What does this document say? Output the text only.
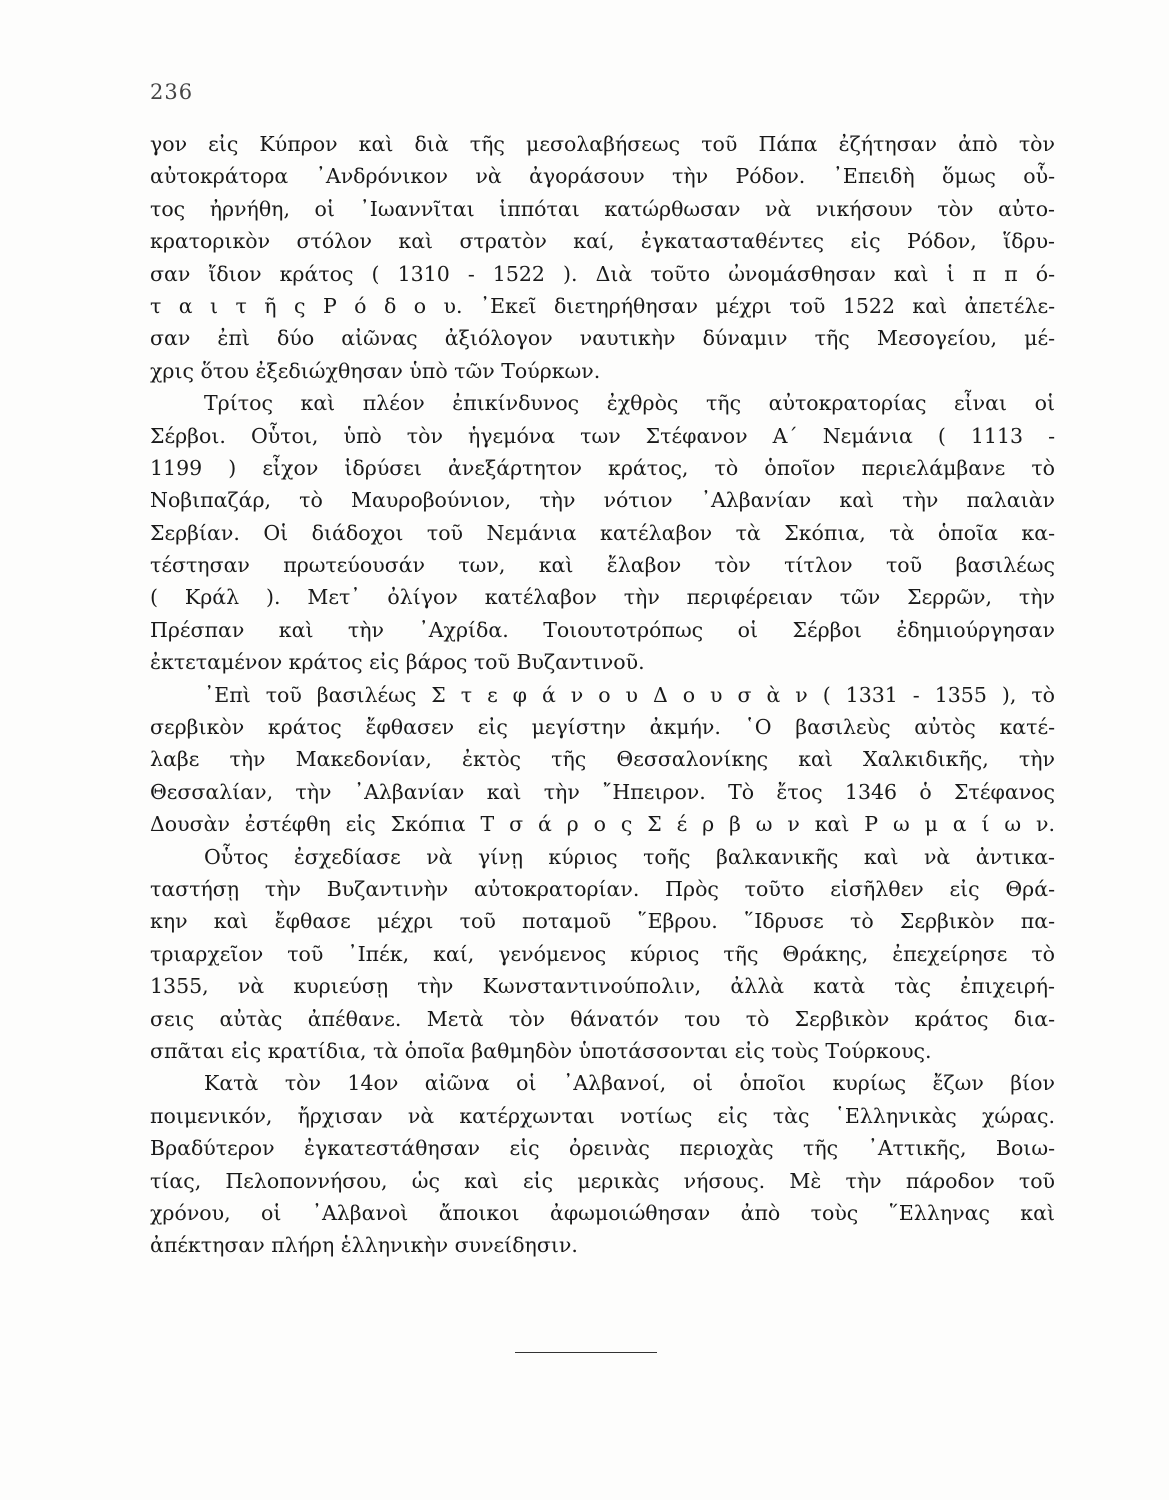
236
γον εἰς Κύπρον καὶ διὰ τῆς μεσολαβήσεως τοῦ Πάπα ἐζήτησαν ἀπὸ τὸν
αὐτοκράτορα ᾽Ανδρόνικον νὰ ἀγοράσουν τὴν Ρόδον. ᾽Επειδὴ ὅμως οὗ-
τος ἠρνήθη, οἱ ᾽Ιωαννῖται ἱππόται κατώρθωσαν νὰ νικήσουν τὸν αὐτο-
κρατορικὸν στόλον καὶ στρατὸν καί, ἐγκατασταθέντες εἰς Ρόδον, ἵδρυ-
σαν ἴδιον κράτος ( 1310 - 1522 ). Διὰ τοῦτο ὠνομάσθησαν καὶ ἱ π π ό-
τ α ι τ ῆ ς Ρ ό δ ο υ. ᾽Εκεῖ διετηρήθησαν μέχρι τοῦ 1522 καὶ ἀπετέλε-
σαν ἐπὶ δύο αἰῶνας ἀξιόλογον ναυτικὴν δύναμιν τῆς Μεσογείου, μέ-
χρις ὅτου ἐξεδιώχθησαν ὑπὸ τῶν Τούρκων.
Τρίτος καὶ πλέον ἐπικίνδυνος ἐχθρὸς τῆς αὐτοκρατορίας εἶναι οἱ
Σέρβοι. Οὗτοι, ὑπὸ τὸν ἡγεμόνα των Στέφανον Α΄ Νεμάνια ( 1113 -
1199 ) εἶχον ἱδρύσει ἀνεξάρτητον κράτος, τὸ ὁποῖον περιελάμβανε τὸ
Νοβιπαζάρ, τὸ Μαυροβούνιον, τὴν νότιον ᾽Αλβανίαν καὶ τὴν παλαιὰν
Σερβίαν. Οἱ διάδοχοι τοῦ Νεμάνια κατέλαβον τὰ Σκόπια, τὰ ὁποῖα κα-
τέστησαν πρωτεύουσάν των, καὶ ἔλαβον τὸν τίτλον τοῦ βασιλέως
( Κράλ ). Μετ᾽ ὀλίγον κατέλαβον τὴν περιφέρειαν τῶν Σερρῶν, τὴν
Πρέσπαν καὶ τὴν ᾽Αχρίδα. Τοιουτοτρόπως οἱ Σέρβοι ἐδημιούργησαν
ἐκτεταμένον κράτος εἰς βάρος τοῦ Βυζαντινοῦ.
᾽Επὶ τοῦ βασιλέως Σ τ ε φ ά ν ο υ Δ ο υ σ ὰ ν ( 1331 - 1355 ), τὸ
σερβικὸν κράτος ἔφθασεν εἰς μεγίστην ἀκμήν. ῾Ο βασιλεὺς αὐτὸς κατέ-
λαβε τὴν Μακεδονίαν, ἐκτὸς τῆς Θεσσαλονίκης καὶ Χαλκιδικῆς, τὴν
Θεσσαλίαν, τὴν ᾽Αλβανίαν καὶ τὴν ῎Ηπειρον. Τὸ ἔτος 1346 ὁ Στέφανος
Δουσὰν ἐστέφθη εἰς Σκόπια Τ σ ά ρ ο ς Σ έ ρ β ω ν καὶ Ρ ω μ α ί ω ν.
Οὗτος ἐσχεδίασε νὰ γίνῃ κύριος τοῆς βαλκανικῆς καὶ νὰ ἀντικα-
ταστήσῃ τὴν Βυζαντινὴν αὐτοκρατορίαν. Πρὸς τοῦτο εἰσῆλθεν εἰς Θρά-
κην καὶ ἔφθασε μέχρι τοῦ ποταμοῦ ῞Εβρου. ῞Ιδρυσε τὸ Σερβικὸν πα-
τριαρχεῖον τοῦ ᾽Ιπέκ, καί, γενόμενος κύριος τῆς Θράκης, ἐπεχείρησε τὸ
1355, νὰ κυριεύσῃ τὴν Κωνσταντινούπολιν, ἀλλὰ κατὰ τὰς ἐπιχειρή-
σεις αὐτὰς ἀπέθανε. Μετὰ τὸν θάνατόν του τὸ Σερβικὸν κράτος δια-
σπᾶται εἰς κρατίδια, τὰ ὁποῖα βαθμηδὸν ὑποτάσσονται εἰς τοὺς Τούρκους.
Κατὰ τὸν 14ον αἰῶνα οἱ ᾽Αλβανοί, οἱ ὁποῖοι κυρίως ἔζων βίον
ποιμενικόν, ἤρχισαν νὰ κατέρχωνται νοτίως εἰς τὰς ῾Ελληνικὰς χώρας.
Βραδύτερον ἐγκατεστάθησαν εἰς ὀρεινὰς περιοχὰς τῆς ᾽Αττικῆς, Βοιω-
τίας, Πελοποννήσου, ὡς καὶ εἰς μερικὰς νήσους. Μὲ τὴν πάροδον τοῦ
χρόνου, οἱ ᾽Αλβανοὶ ἄποικοι ἀφωμοιώθησαν ἀπὸ τοὺς ῞Ελληνας καὶ
ἀπέκτησαν πλήρη ἑλληνικὴν συνείδησιν.
